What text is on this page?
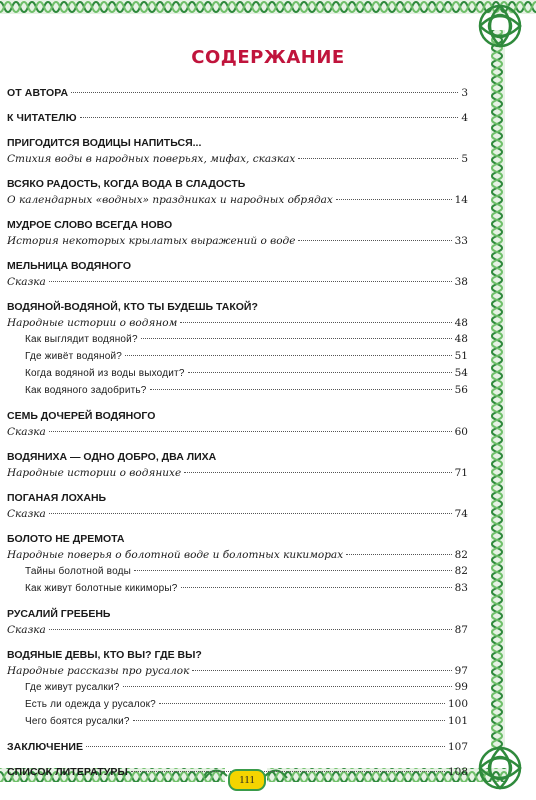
СОДЕРЖАНИЕ
ОТ АВТОРА	3
К ЧИТАТЕЛЮ	4
ПРИГОДИТСЯ ВОДИЦЫ НАПИТЬСЯ...
Стихия воды в народных поверьях, мифах, сказках	5
ВСЯКО РАДОСТЬ, КОГДА ВОДА В СЛАДОСТЬ
О календарных «водных» праздниках и народных обрядах	14
МУДРОЕ СЛОВО ВСЕГДА НОВО
История некоторых крылатых выражений о воде	33
МЕЛЬНИЦА ВОДЯНОГО
Сказка	38
ВОДЯНОЙ-ВОДЯНОЙ, КТО ТЫ БУДЕШЬ ТАКОЙ?
Народные истории о водяном	48
Как выглядит водяной?	48
Где живёт водяной?	51
Когда водяной из воды выходит?	54
Как водяного задобрить?	56
СЕМЬ ДОЧЕРЕЙ ВОДЯНОГО
Сказка	60
ВОДЯНИХА — ОДНО ДОБРО, ДВА ЛИХА
Народные истории о водянихе	71
ПОГАНАЯ ЛОХАНЬ
Сказка	74
БОЛОТО НЕ ДРЕМОТА
Народные поверья о болотной воде и болотных кикиморах	82
Тайны болотной воды	82
Как живут болотные кикиморы?	83
РУСАЛИЙ ГРЕБЕНЬ
Сказка	87
ВОДЯНЫЕ ДЕВЫ, КТО ВЫ? ГДЕ ВЫ?
Народные рассказы про русалок	97
Где живут русалки?	99
Есть ли одежда у русалок?	100
Чего боятся русалки?	101
ЗАКЛЮЧЕНИЕ	107
СПИСОК ЛИТЕРАТУРЫ	108
111
